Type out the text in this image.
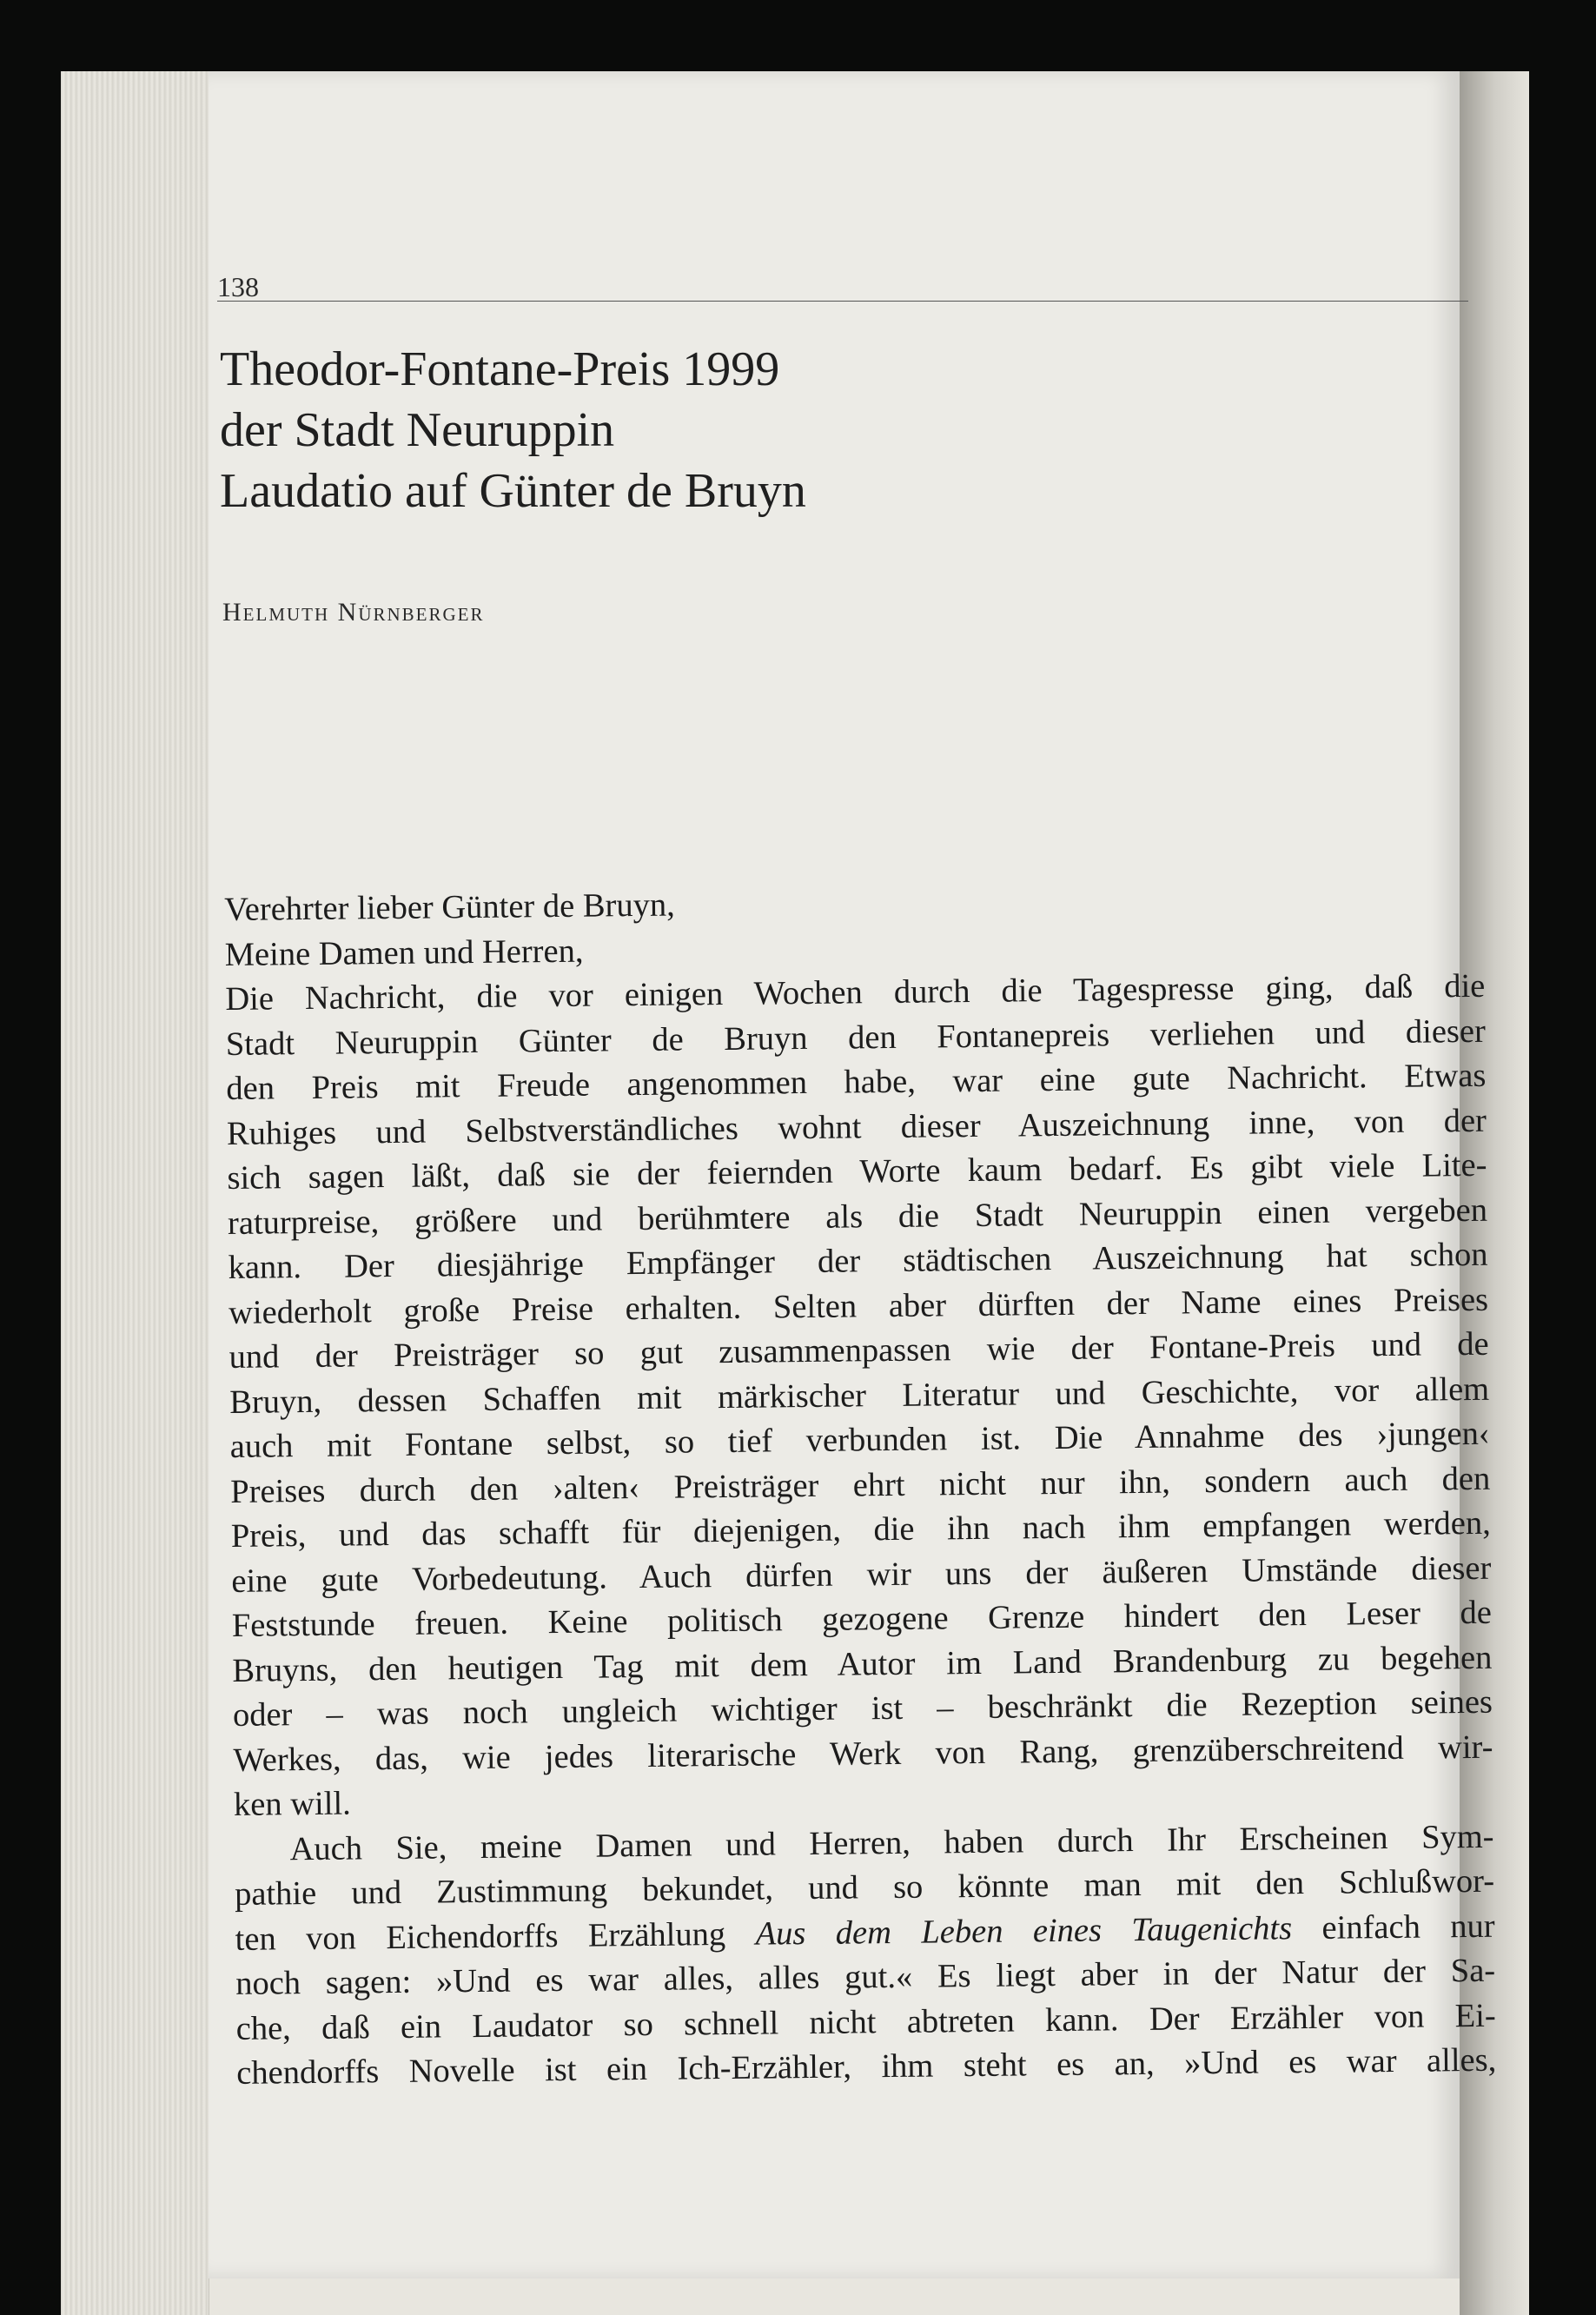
138
Theodor-Fontane-Preis 1999
der Stadt Neuruppin
Laudatio auf Günter de Bruyn
Helmuth Nürnberger
Verehrter lieber Günter de Bruyn,
Meine Damen und Herren,
Die Nachricht, die vor einigen Wochen durch die Tagespresse ging, daß die
Stadt Neuruppin Günter de Bruyn den Fontanepreis verliehen und dieser
den Preis mit Freude angenommen habe, war eine gute Nachricht. Etwas
Ruhiges und Selbstverständliches wohnt dieser Auszeichnung inne, von der
sich sagen läßt, daß sie der feiernden Worte kaum bedarf. Es gibt viele Lite-
raturpreise, größere und berühmtere als die Stadt Neuruppin einen vergeben
kann. Der diesjährige Empfänger der städtischen Auszeichnung hat schon
wiederholt große Preise erhalten. Selten aber dürften der Name eines Preises
und der Preisträger so gut zusammenpassen wie der Fontane-Preis und de
Bruyn, dessen Schaffen mit märkischer Literatur und Geschichte, vor allem
auch mit Fontane selbst, so tief verbunden ist. Die Annahme des ›jungen‹
Preises durch den ›alten‹ Preisträger ehrt nicht nur ihn, sondern auch den
Preis, und das schafft für diejenigen, die ihn nach ihm empfangen werden,
eine gute Vorbedeutung. Auch dürfen wir uns der äußeren Umstände dieser
Feststunde freuen. Keine politisch gezogene Grenze hindert den Leser de
Bruyns, den heutigen Tag mit dem Autor im Land Brandenburg zu begehen
oder – was noch ungleich wichtiger ist – beschränkt die Rezeption seines
Werkes, das, wie jedes literarische Werk von Rang, grenzüberschreitend wir-
ken will.
Auch Sie, meine Damen und Herren, haben durch Ihr Erscheinen Sym-
pathie und Zustimmung bekundet, und so könnte man mit den Schlußwor-
ten von Eichendorffs Erzählung Aus dem Leben eines Taugenichts einfach nur
noch sagen: »Und es war alles, alles gut.« Es liegt aber in der Natur der Sa-
che, daß ein Laudator so schnell nicht abtreten kann. Der Erzähler von Ei-
chendorffs Novelle ist ein Ich-Erzähler, ihm steht es an, »Und es war alles,
